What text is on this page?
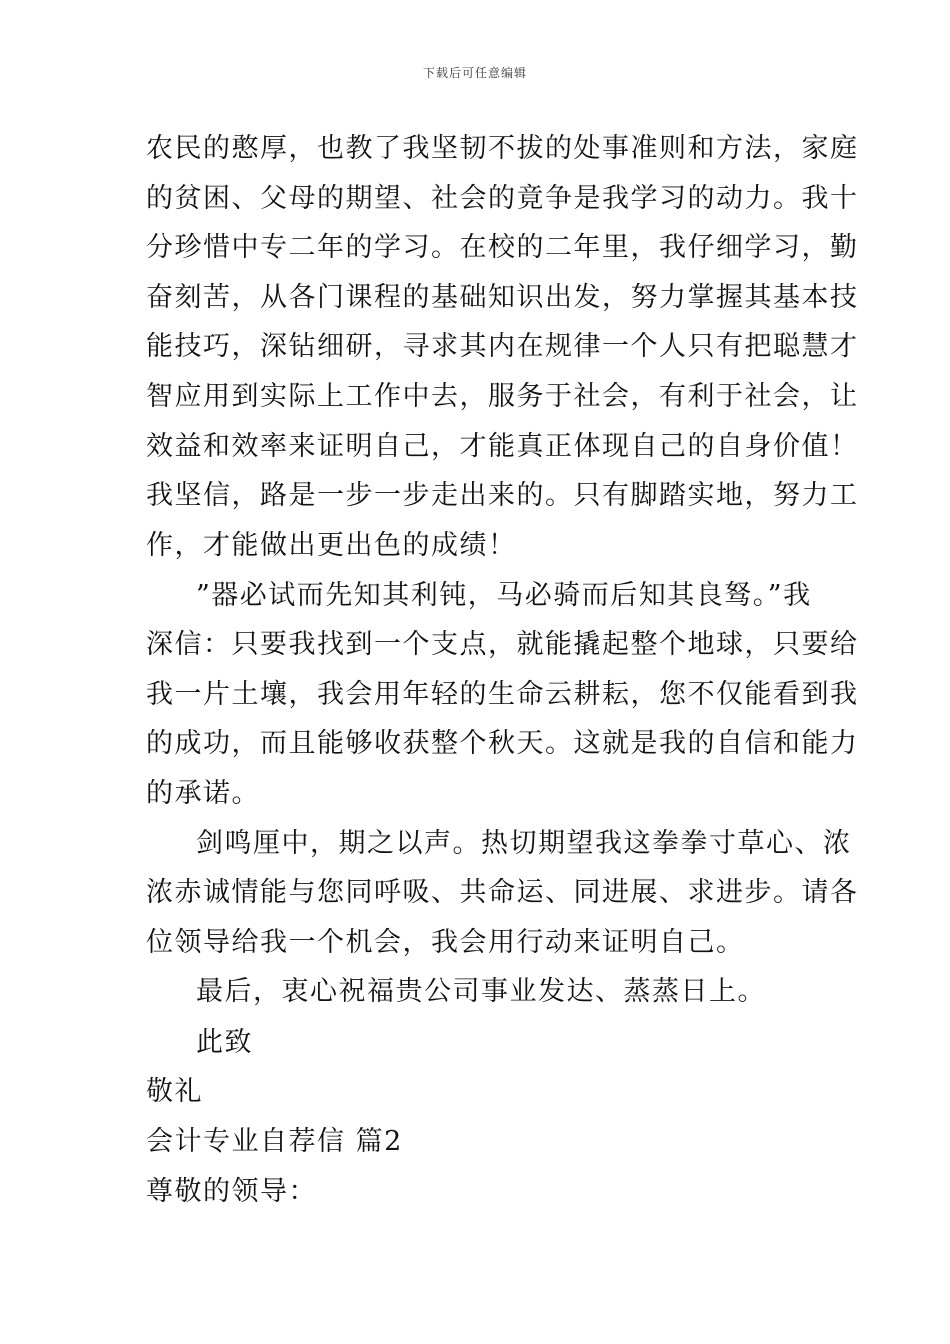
下载后可任意编辑
农民的憨厚，也教了我坚韧不拔的处事准则和方法，家庭
的贫困、父母的期望、社会的竟争是我学习的动力。我十
分珍惜中专二年的学习。在校的二年里，我仔细学习，勤
奋刻苦，从各门课程的基础知识出发，努力掌握其基本技
能技巧，深钻细研，寻求其内在规律一个人只有把聪慧才
智应用到实际上工作中去，服务于社会，有利于社会，让
效益和效率来证明自己，才能真正体现自己的自身价值！
我坚信，路是一步一步走出来的。只有脚踏实地，努力工
作，才能做出更出色的成绩！
”器必试而先知其利钝，马必骑而后知其良驽。”我
深信：只要我找到一个支点，就能撬起整个地球，只要给
我一片土壤，我会用年轻的生命云耕耘，您不仅能看到我
的成功，而且能够收获整个秋天。这就是我的自信和能力
的承诺。
剑鸣厘中，期之以声。热切期望我这拳拳寸草心、浓
浓赤诚情能与您同呼吸、共命运、同进展、求进步。请各
位领导给我一个机会，我会用行动来证明自己。
最后，衷心祝福贵公司事业发达、蒸蒸日上。
此致
敬礼
会计专业自荐信 篇2
尊敬的领导：
